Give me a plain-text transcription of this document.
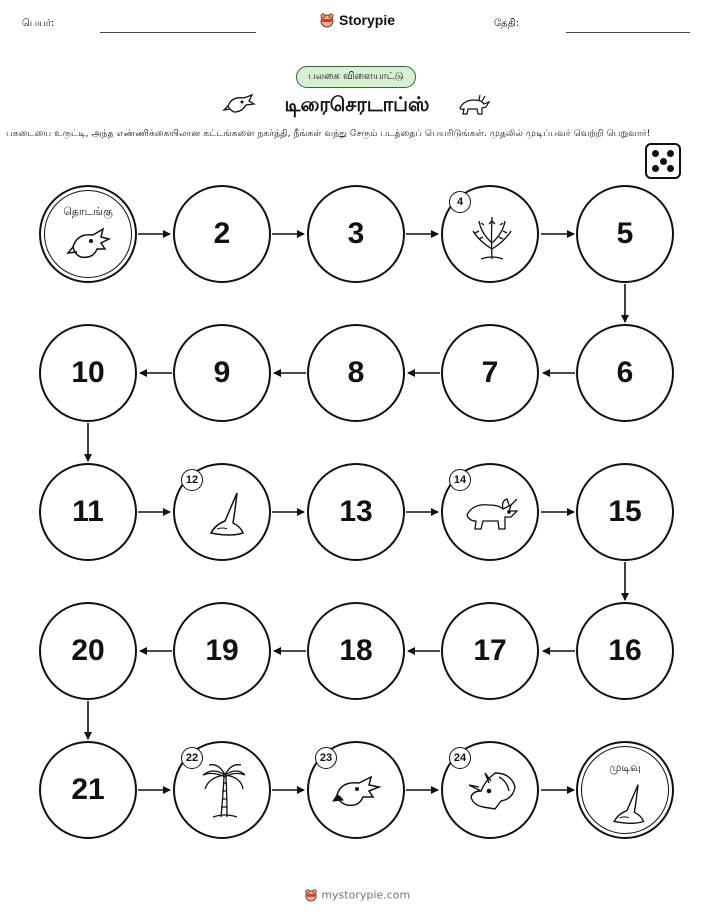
பெயர்:	Storypie	தேதி:
பலகை விளையாட்டு
டிரைசெரடாப்ஸ்
பகடையை உருட்டி, அந்த எண்ணிக்கையிலான கட்டங்களை நகர்த்தி, நீங்கள் வந்து சேரும் படத்தைப் பெயரிடுங்கள். முதலில் முடிப்பவர் வெற்றி பெறுவார்!
தொடங்கு
2	3
4
5
10	9	8	7	6
11
12
13
14
15
20	19	18	17	16
21
22	23	24
முடிவு
mystorypie.com
